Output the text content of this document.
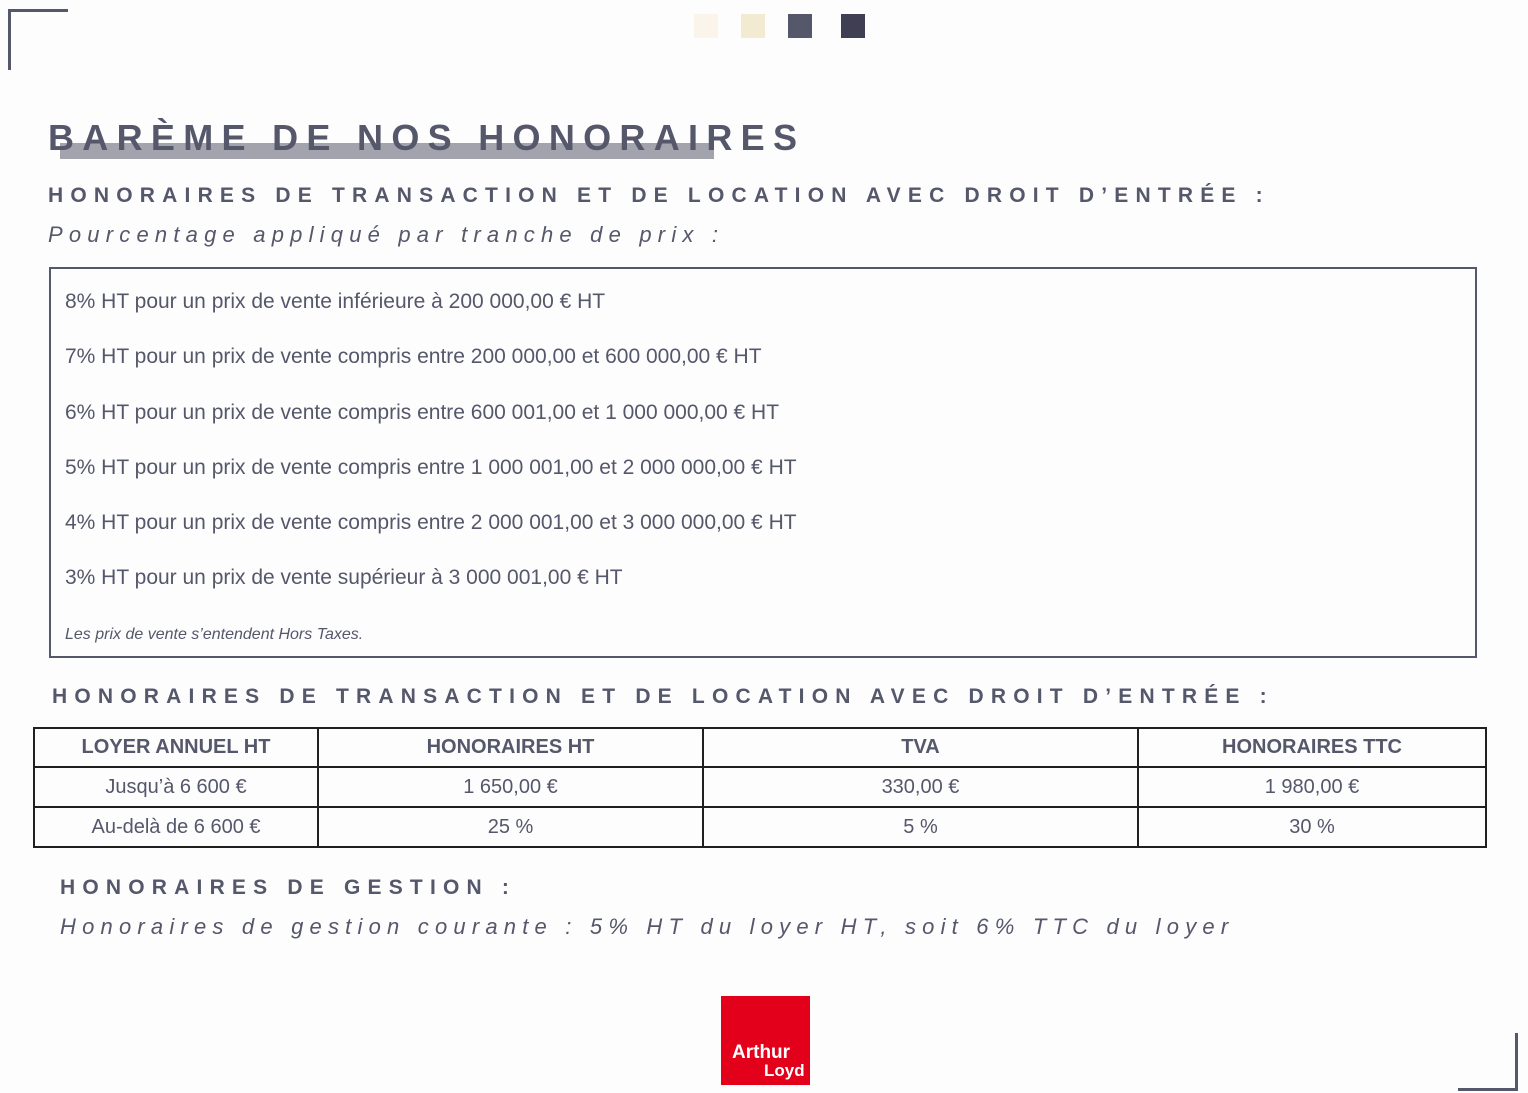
BARÈME DE NOS HONORAIRES
HONORAIRES DE TRANSACTION ET DE LOCATION AVEC DROIT D’ENTRÉE :

Pourcentage appliqué par tranche de prix :

8% HT pour un prix de vente inférieure à 200 000,00 € HT

7% HT pour un prix de vente compris entre 200 000,00 et 600 000,00 € HT

6% HT pour un prix de vente compris entre 600 001,00 et 1 000 000,00 € HT

5% HT pour un prix de vente compris entre 1 000 001,00 et 2 000 000,00 € HT

4% HT pour un prix de vente compris entre 2 000 001,00 et 3 000 000,00 € HT

3% HT pour un prix de vente supérieur à 3 000 001,00 € HT

Les prix de vente s’entendent Hors Taxes.

HONORAIRES DE TRANSACTION ET DE LOCATION AVEC DROIT D’ENTRÉE :
LOYER ANNUEL HT	HONORAIRES HT	TVA	HONORAIRES TTC
Jusqu’à 6 600 €	1 650,00 €	330,00 €	1 980,00 €
Au-delà de 6 600 €	25 %	5 %	30 %
HONORAIRES DE GESTION :

Honoraires de gestion courante : 5% HT du loyer HT, soit 6% TTC du loyer

Arthur
Loyd
